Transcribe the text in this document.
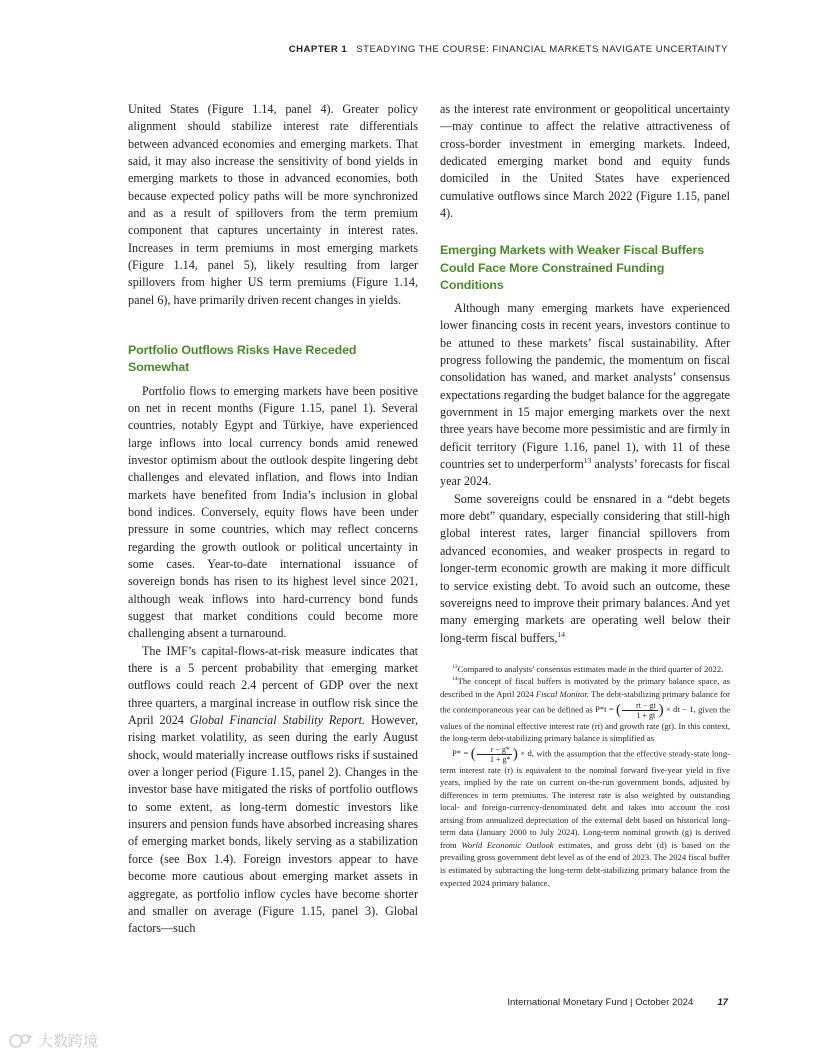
CHAPTER 1 STEADYING THE COURSE: FINANCIAL MARKETS NAVIGATE UNCERTAINTY

United States (Figure 1.14, panel 4). Greater policy alignment should stabilize interest rate differentials between advanced economies and emerging markets. That said, it may also increase the sensitivity of bond yields in emerging markets to those in advanced economies, both because expected policy paths will be more synchronized and as a result of spillovers from the term premium component that captures uncertainty in interest rates. Increases in term premiums in most emerging markets (Figure 1.14, panel 5), likely resulting from larger spillovers from higher US term premiums (Figure 1.14, panel 6), have primarily driven recent changes in yields.

Portfolio Outflows Risks Have Receded Somewhat

Portfolio flows to emerging markets have been positive on net in recent months (Figure 1.15, panel 1). Several countries, notably Egypt and Türkiye, have experienced large inflows into local currency bonds amid renewed investor optimism about the outlook despite lingering debt challenges and elevated inflation, and flows into Indian markets have benefited from India’s inclusion in global bond indices. Conversely, equity flows have been under pressure in some countries, which may reflect concerns regarding the growth outlook or political uncertainty in some cases. Year-to-date international issuance of sovereign bonds has risen to its highest level since 2021, although weak inflows into hard-currency bond funds suggest that market conditions could become more challenging absent a turnaround.

The IMF’s capital-flows-at-risk measure indicates that there is a 5 percent probability that emerging market outflows could reach 2.4 percent of GDP over the next three quarters, a marginal increase in outflow risk since the April 2024 Global Financial Stability Report. However, rising market volatility, as seen during the early August shock, would materially increase outflows risks if sustained over a longer period (Figure 1.15, panel 2). Changes in the investor base have mitigated the risks of portfolio outflows to some extent, as long-term domestic investors like insurers and pension funds have absorbed increasing shares of emerging market bonds, likely serving as a stabilization force (see Box 1.4). Foreign investors appear to have become more cautious about emerging market assets in aggregate, as portfolio inflow cycles have become shorter and smaller on average (Figure 1.15, panel 3). Global factors—such

as the interest rate environment or geopolitical uncertainty—may continue to affect the relative attractiveness of cross-border investment in emerging markets. Indeed, dedicated emerging market bond and equity funds domiciled in the United States have experienced cumulative outflows since March 2022 (Figure 1.15, panel 4).

Emerging Markets with Weaker Fiscal Buffers Could Face More Constrained Funding Conditions

Although many emerging markets have experienced lower financing costs in recent years, investors continue to be attuned to these markets’ fiscal sustainability. After progress following the pandemic, the momentum on fiscal consolidation has waned, and market analysts’ consensus expectations regarding the budget balance for the aggregate government in 15 major emerging markets over the next three years have become more pessimistic and are firmly in deficit territory (Figure 1.16, panel 1), with 11 of these countries set to underperform$^{13}$ analysts’ forecasts for fiscal year 2024.

Some sovereigns could be ensnared in a “debt begets more debt” quandary, especially considering that still-high global interest rates, larger financial spillovers from advanced economies, and weaker prospects in regard to longer-term economic growth are making it more difficult to service existing debt. To avoid such an outcome, these sovereigns need to improve their primary balances. And yet many emerging markets are operating well below their long-term fiscal buffers,$^{14}$

$^{13}$Compared to analysts’ consensus estimates made in the third quarter of 2022.

$^{14}$The concept of fiscal buffers is motivated by the primary balance space, as described in the April 2024 Fiscal Monitor. The debt-stabilizing primary balance for the contemporaneous year can be defined as P*t = ( $\frac{rt - gt}{1 + gt}$ ) × dt − 1, given the values of the nominal effective interest rate (rt) and growth rate (gt). In this context, the long-term debt-stabilizing primary balance is simplified as

P* = ( $\frac{r - g*}{1 + g*}$ ) × d, with the assumption that the effective steady-state long-term interest rate (r) is equivalent to the nominal forward five-year yield in five years, implied by the rate on current on-the-run government bonds, adjusted by differences in term premiums. The interest rate is also weighted by outstanding local- and foreign-currency-denominated debt and takes into account the cost arising from annualized depreciation of the external debt based on historical long-term data (January 2000 to July 2024). Long-term nominal growth (g) is derived from World Economic Outlook estimates, and gross debt (d) is based on the prevailing gross government debt level as of the end of 2023. The 2024 fiscal buffer is estimated by subtracting the long-term debt-stabilizing primary balance from the expected 2024 primary balance.

International Monetary Fund | October 2024	17
大数跨境
